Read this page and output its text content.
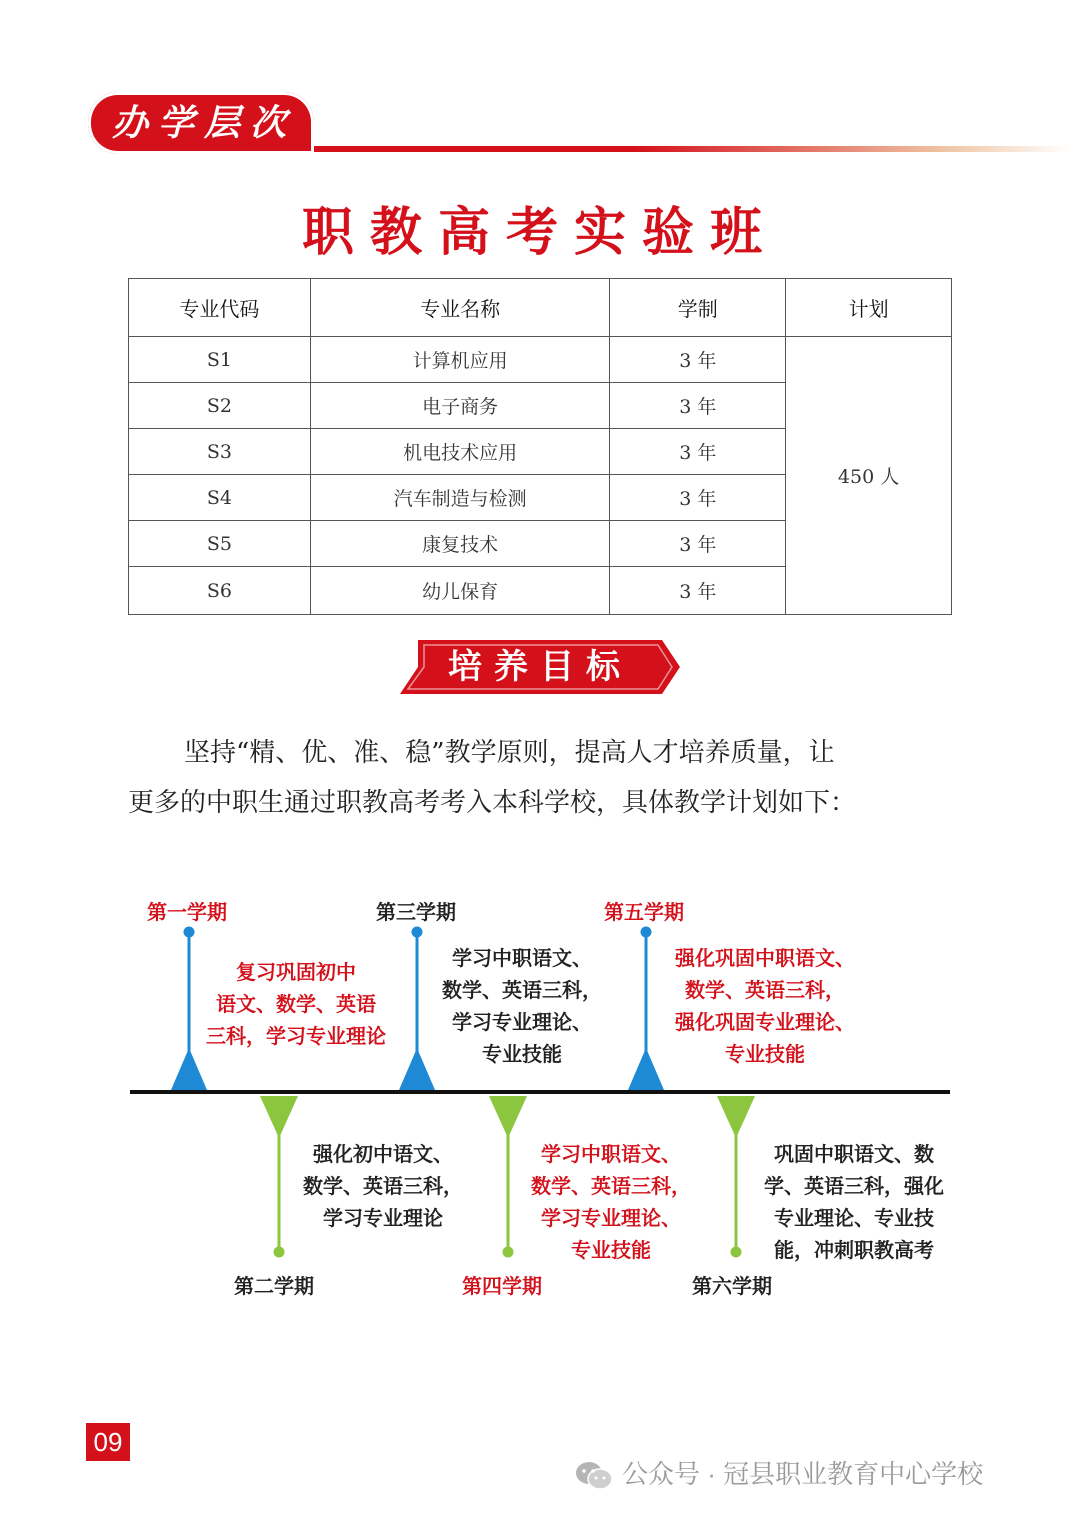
办学层次
职教高考实验班
专业代码	专业名称	学制	计划
S1	计算机应用	3 年	450 人
S2	电子商务	3 年	
S3	机电技术应用	3 年	
S4	汽车制造与检测	3 年	
S5	康复技术	3 年	
S6	幼儿保育	3 年	
培养目标

坚持“精、优、准、稳”教学原则，提高人才培养质量，让

更多的中职生通过职教高考考入本科学校，具体教学计划如下：

第一学期	第三学期	第五学期
第二学期	第四学期	第六学期
复习巩固初中
语文、数学、英语
三科，学习专业理论
学习中职语文、
数学、英语三科，
学习专业理论、
专业技能
强化巩固中职语文、
数学、英语三科，
强化巩固专业理论、
专业技能
强化初中语文、
数学、英语三科，
学习专业理论
学习中职语文、
数学、英语三科，
学习专业理论、
专业技能
巩固中职语文、数
学、英语三科，强化
专业理论、专业技
能，冲刺职教高考
09
公众号 · 冠县职业教育中心学校
